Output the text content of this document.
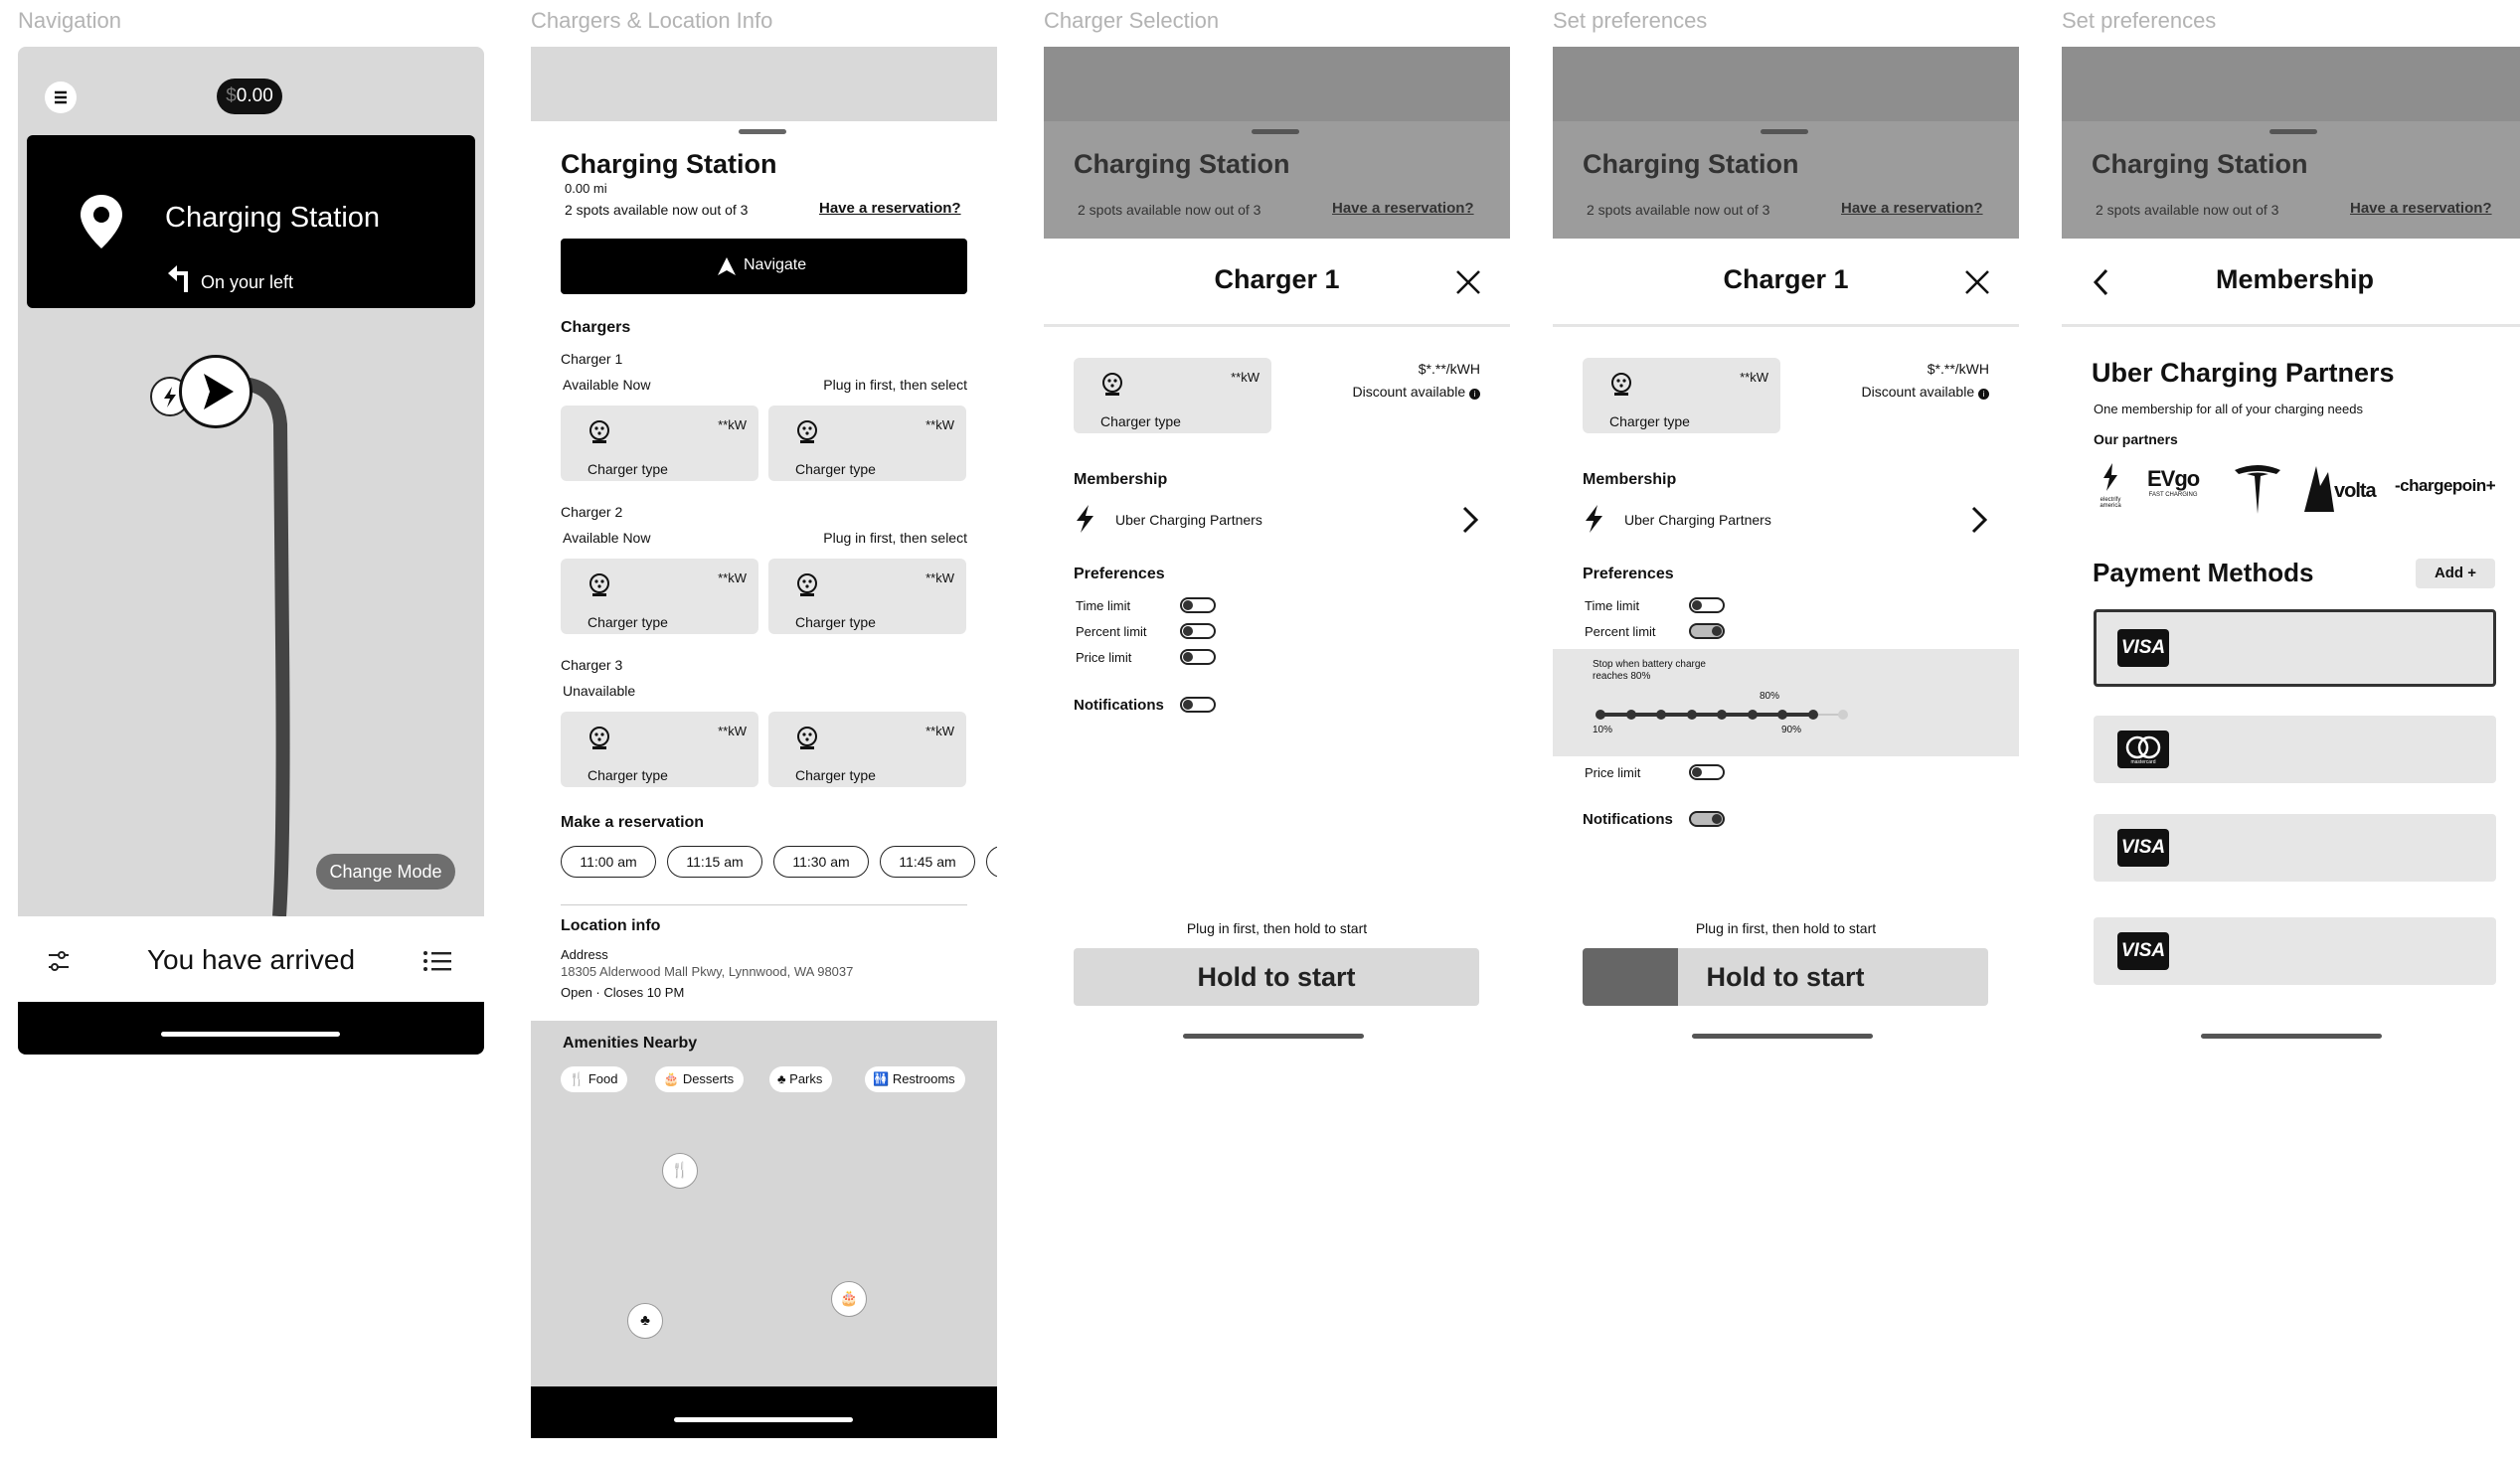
Navigation	Chargers & Location Info	Charger Selection	Set preferences	Set preferences
$0.00
Charging Station
On your left
Change Mode
You have arrived
Charging Station
0.00 mi
2 spots available now out of 3	Have a reservation?
Navigate
Chargers
Charger 1
Available Now	Plug in first, then select
**kW
Charger type
**kW
Charger type
Charger 2
Available Now	Plug in first, then select
**kW
Charger type
**kW
Charger type
Charger 3
Unavailable
**kW
Charger type
**kW
Charger type
Make a reservation
11:00 am	11:15 am	11:30 am	11:45 am
Location info
Address
18305 Alderwood Mall Pkwy, Lynnwood, WA 98037
Open · Closes 10 PM
Amenities Nearby
🍴 Food	🎂 Desserts	♣ Parks	🚻 Restrooms
🍴
🎂
♣
Charging Station
2 spots available now out of 3	Have a reservation?
Charger 1
**kW
Charger type
$*.**/kWH
Discount available i
Membership
Uber Charging Partners
Preferences
Time limit
Percent limit
Price limit
Notifications
Plug in first, then hold to start
Hold to start
Charging Station
2 spots available now out of 3	Have a reservation?
Charger 1
**kW
Charger type
$*.**/kWH
Discount available i
Membership
Uber Charging Partners
Preferences
Time limit
Percent limit
Stop when battery charge reaches 80%
80%
10%	90%
Price limit
Notifications
Plug in first, then hold to start
Hold to start
Charging Station
2 spots available now out of 3	Have a reservation?
Membership
Uber Charging Partners
One membership for all of your charging needs
Our partners
electrify america
EVgo
FAST CHARGING	volta -chargepoin+
Payment Methods	Add +
VISA
mastercard
VISA
VISA
